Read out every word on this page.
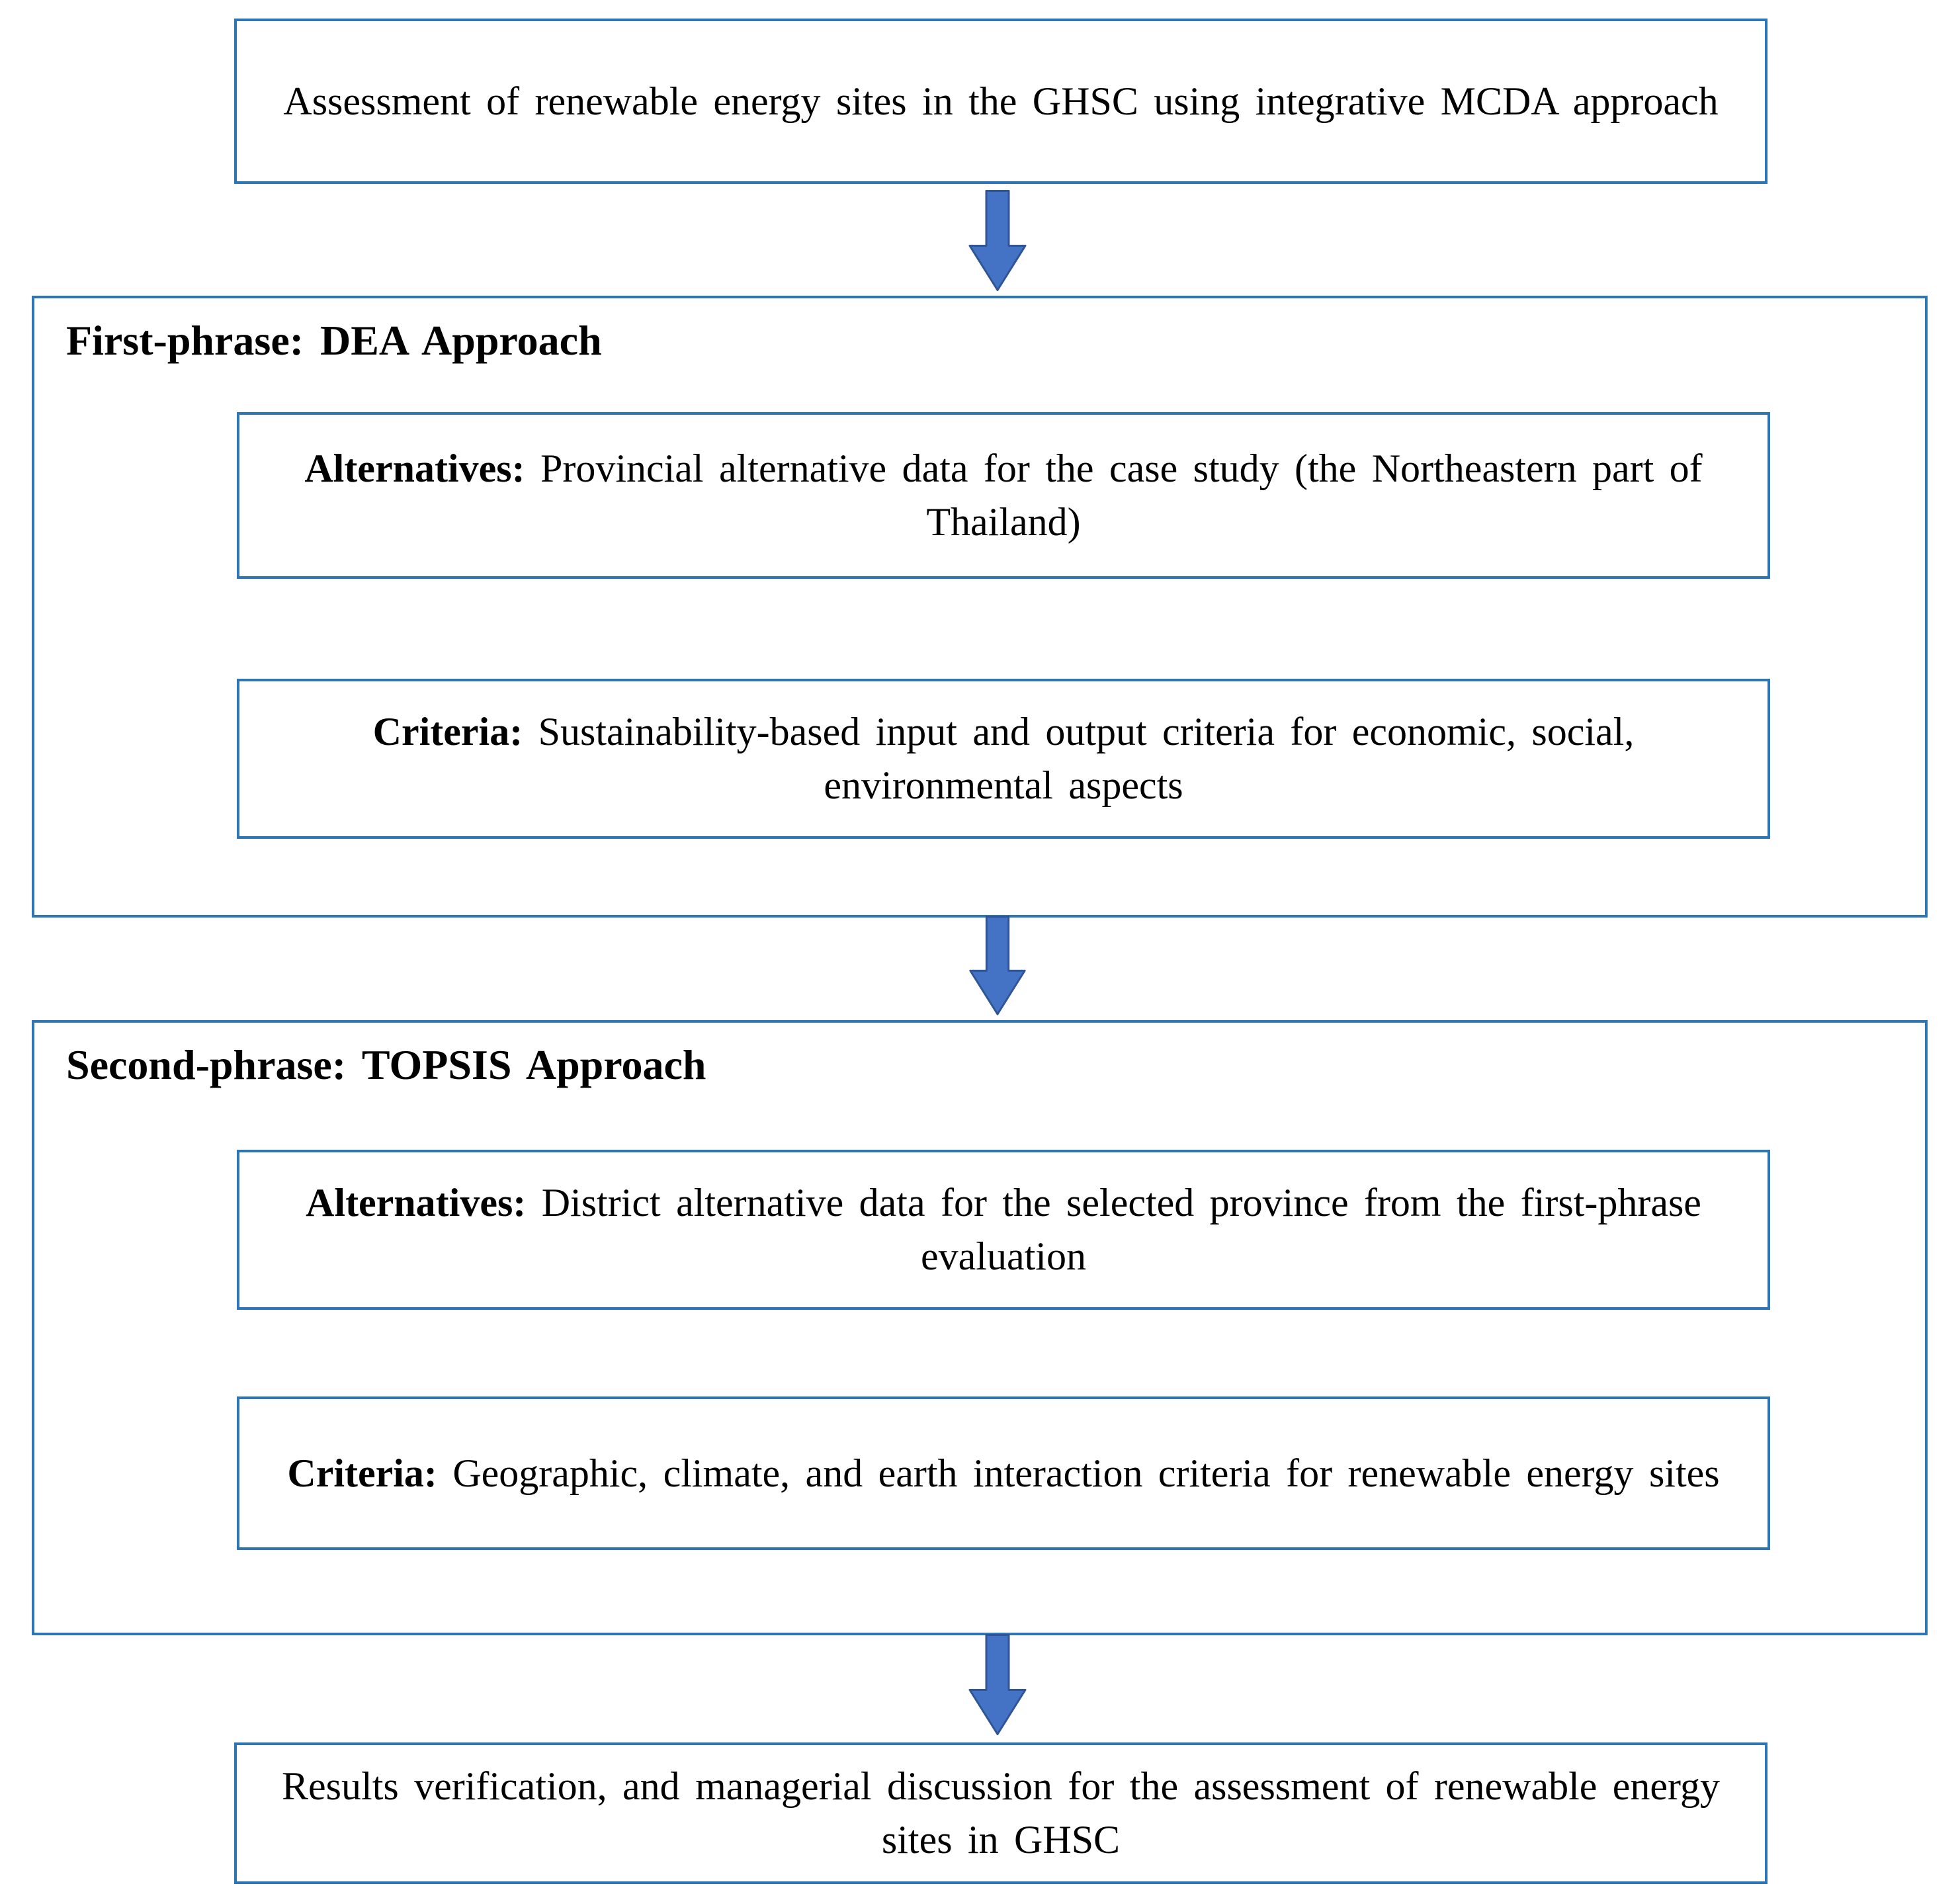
Assessment of renewable energy sites in the GHSC using integrative MCDA approach
First-phrase: DEA Approach
Alternatives: Provincial alternative data for the case study (the Northeastern part of Thailand)
Criteria: Sustainability-based input and output criteria for economic, social, environmental aspects
Second-phrase: TOPSIS Approach
Alternatives: District alternative data for the selected province from the first-phrase evaluation
Criteria: Geographic, climate, and earth interaction criteria for renewable energy sites
Results verification, and managerial discussion for the assessment of renewable energy sites in GHSC
